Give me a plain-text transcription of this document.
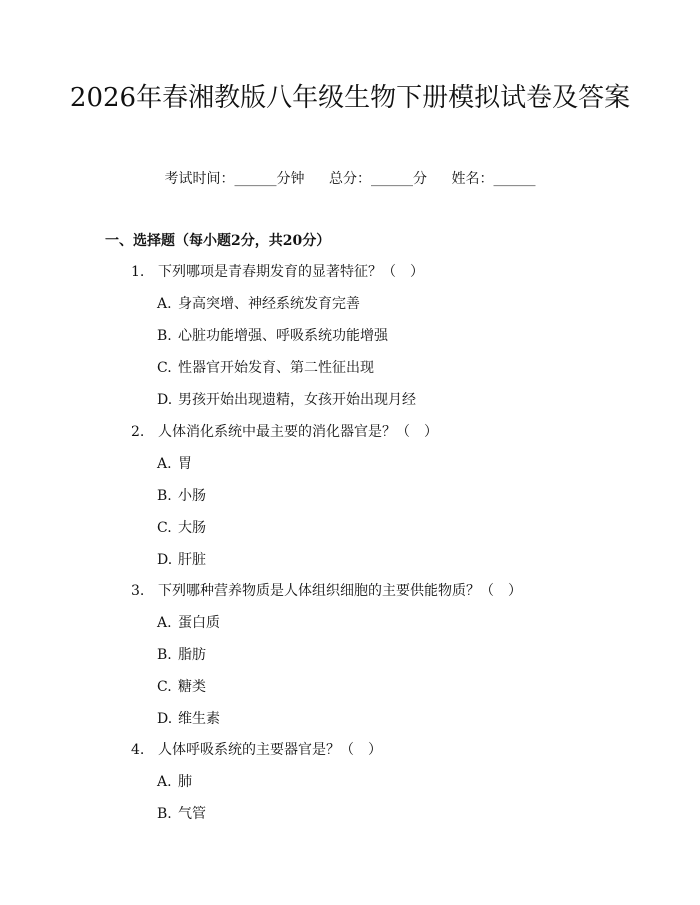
2026年春湘教版八年级生物下册模拟试卷及答案
考试时间：______分钟 总分：______分 姓名：______
一、选择题（每小题2分，共20分）
1. 下列哪项是青春期发育的显著特征？（　）
A. 身高突增、神经系统发育完善
B. 心脏功能增强、呼吸系统功能增强
C. 性器官开始发育、第二性征出现
D. 男孩开始出现遗精，女孩开始出现月经
2. 人体消化系统中最主要的消化器官是？（　）
A. 胃
B. 小肠
C. 大肠
D. 肝脏
3. 下列哪种营养物质是人体组织细胞的主要供能物质？（　）
A. 蛋白质
B. 脂肪
C. 糖类
D. 维生素
4. 人体呼吸系统的主要器官是？（　）
A. 肺
B. 气管
